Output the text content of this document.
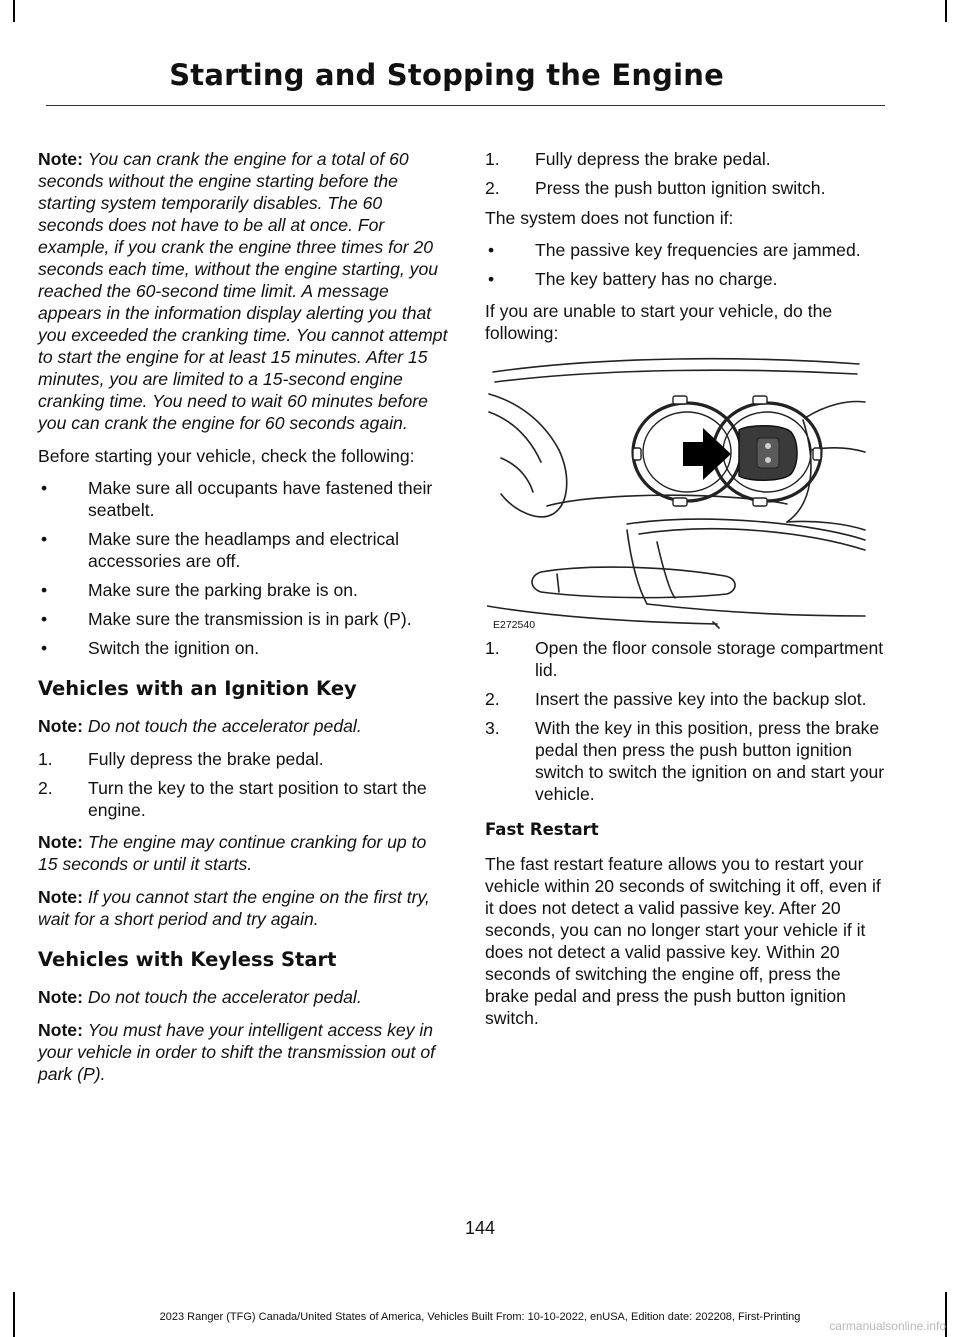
Starting and Stopping the Engine

Note: You can crank the engine for a total of 60 seconds without the engine starting before the starting system temporarily disables. The 60 seconds does not have to be all at once. For example, if you crank the engine three times for 20 seconds each time, without the engine starting, you reached the 60-second time limit. A message appears in the information display alerting you that you exceeded the cranking time. You cannot attempt to start the engine for at least 15 minutes. After 15 minutes, you are limited to a 15-second engine cranking time. You need to wait 60 minutes before you can crank the engine for 60 seconds again.

Before starting your vehicle, check the following:

• Make sure all occupants have fastened their seatbelt.
• Make sure the headlamps and electrical accessories are off.
• Make sure the parking brake is on.
• Make sure the transmission is in park (P).
• Switch the ignition on.
Vehicles with an Ignition Key

Note: Do not touch the accelerator pedal.

1. Fully depress the brake pedal.
2. Turn the key to the start position to start the engine.

Note: The engine may continue cranking for up to 15 seconds or until it starts.

Note: If you cannot start the engine on the first try, wait for a short period and try again.

Vehicles with Keyless Start

Note: Do not touch the accelerator pedal.

Note: You must have your intelligent access key in your vehicle in order to shift the transmission out of park (P).

1. Fully depress the brake pedal.
2. Press the push button ignition switch.

The system does not function if:

• The passive key frequencies are jammed.
• The key battery has no charge.

If you are unable to start your vehicle, do the following:

E272540
1. Open the floor console storage compartment lid.
2. Insert the passive key into the backup slot.
3. With the key in this position, press the brake pedal then press the push button ignition switch to switch the ignition on and start your vehicle.
Fast Restart

The fast restart feature allows you to restart your vehicle within 20 seconds of switching it off, even if it does not detect a valid passive key. After 20 seconds, you can no longer start your vehicle if it does not detect a valid passive key. Within 20 seconds of switching the engine off, press the brake pedal and press the push button ignition switch.

144
2023 Ranger (TFG) Canada/United States of America, Vehicles Built From: 10-10-2022, enUSA, Edition date: 202208, First-Printing
carmanualsonline.info
